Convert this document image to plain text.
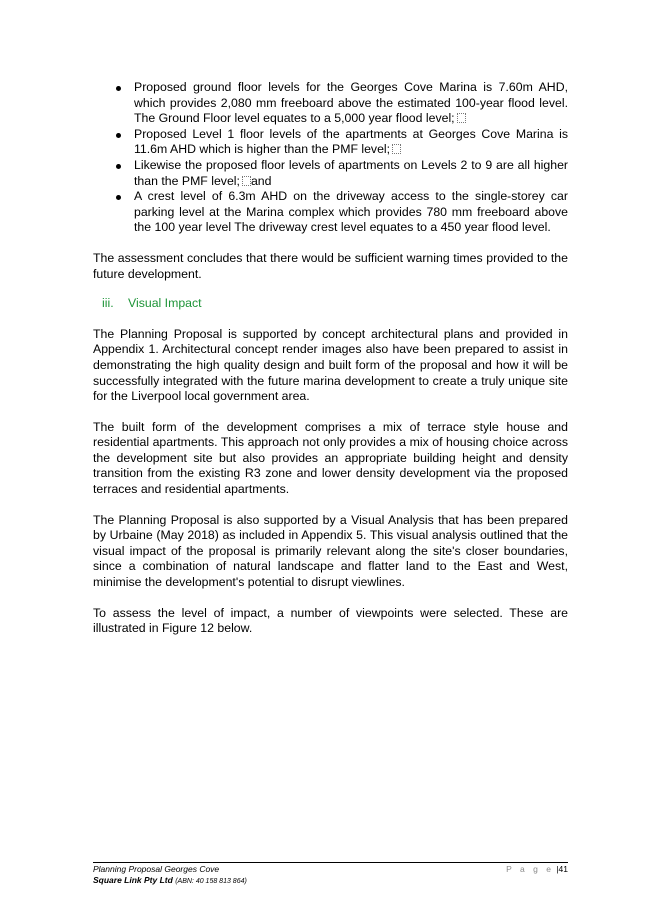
Proposed ground floor levels for the Georges Cove Marina is 7.60m AHD, which provides 2,080 mm freeboard above the estimated 100-year flood level. The Ground Floor level equates to a 5,000 year flood level;
Proposed Level 1 floor levels of the apartments at Georges Cove Marina is 11.6m AHD which is higher than the PMF level;
Likewise the proposed floor levels of apartments on Levels 2 to 9 are all higher than the PMF level; and
A crest level of 6.3m AHD on the driveway access to the single-storey car parking level at the Marina complex which provides 780 mm freeboard above the 100 year level The driveway crest level equates to a 450 year flood level.

The assessment concludes that there would be sufficient warning times provided to the future development.

iii.	Visual Impact

The Planning Proposal is supported by concept architectural plans and provided in Appendix 1. Architectural concept render images also have been prepared to assist in demonstrating the high quality design and built form of the proposal and how it will be successfully integrated with the future marina development to create a truly unique site for the Liverpool local government area.

The built form of the development comprises a mix of terrace style house and residential apartments. This approach not only provides a mix of housing choice across the development site but also provides an appropriate building height and density transition from the existing R3 zone and lower density development via the proposed terraces and residential apartments.

The Planning Proposal is also supported by a Visual Analysis that has been prepared by Urbaine (May 2018) as included in Appendix 5. This visual analysis outlined that the visual impact of the proposal is primarily relevant along the site's closer boundaries, since a combination of natural landscape and flatter land to the East and West, minimise the development's potential to disrupt viewlines.

To assess the level of impact, a number of viewpoints were selected. These are illustrated in Figure 12 below.

Planning Proposal Georges Cove
Square Link Pty Ltd (ABN: 40 158 813 864)
P a g e |41
